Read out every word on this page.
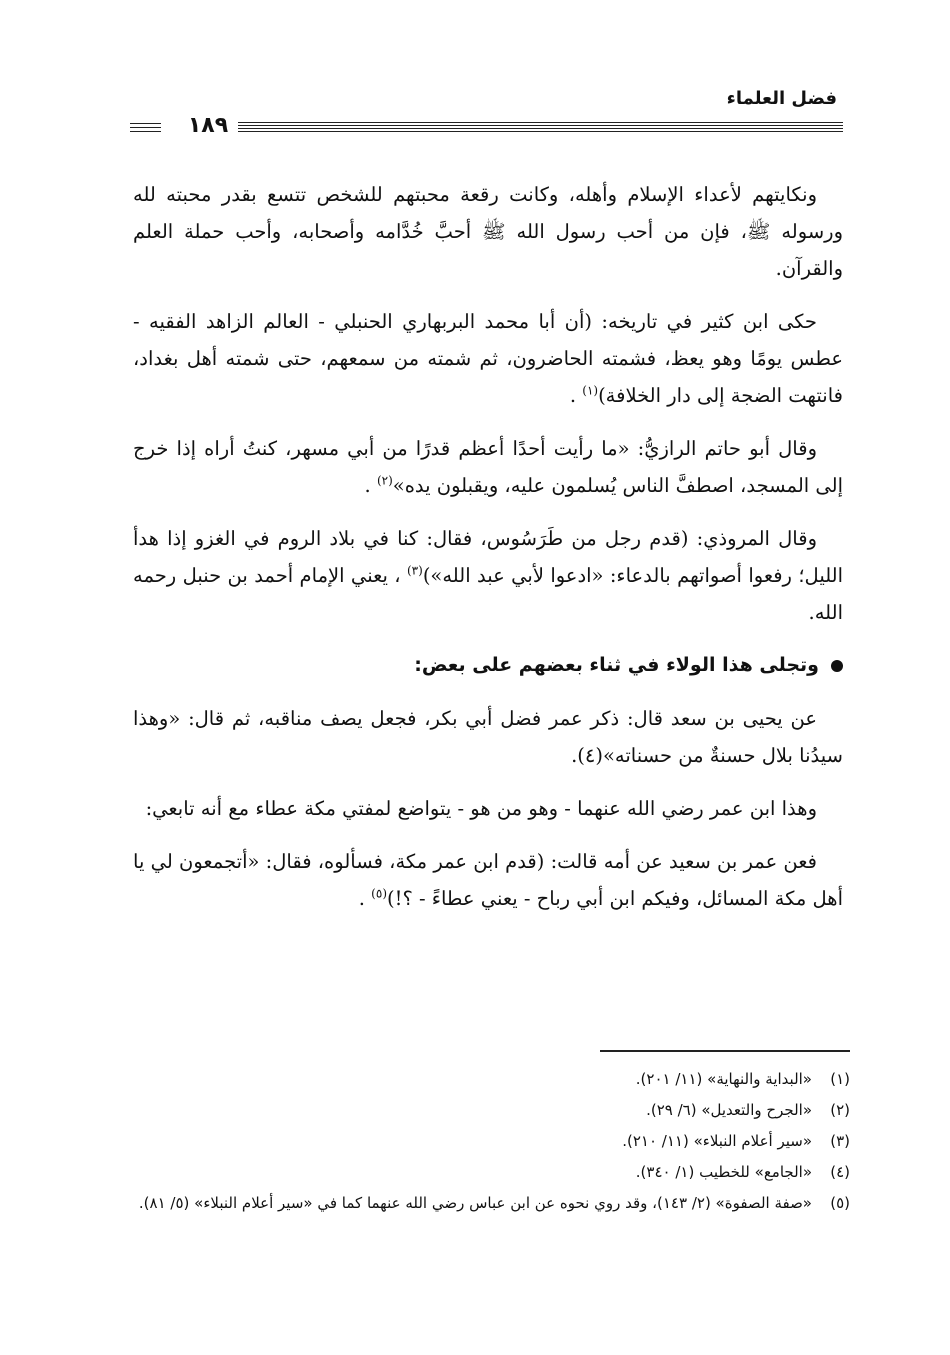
فضل العلماء
١٨٩

ونكايتهم لأعداء الإسلام وأهله، وكانت رقعة محبتهم للشخص تتسع بقدر محبته لله ورسوله ﷺ، فإن من أحب رسول الله ﷺ أحبَّ خُدَّامه وأصحابه، وأحب حملة العلم والقرآن.

حكى ابن كثير في تاريخه: (أن أبا محمد البربهاري الحنبلي - العالم الزاهد الفقيه - عطس يومًا وهو يعظ، فشمته الحاضرون، ثم شمته من سمعهم، حتى شمته أهل بغداد، فانتهت الضجة إلى دار الخلافة)$^{(١)}$ .

وقال أبو حاتم الرازيُّ: «ما رأيت أحدًا أعظم قدرًا من أبي مسهر، كنتُ أراه إذا خرج إلى المسجد، اصطفَّ الناس يُسلمون عليه، ويقبلون يده»$^{(٢)}$ .

وقال المروذي: (قدم رجل من طَرَسُوس، فقال: كنا في بلاد الروم في الغزو إذا هدأ الليل؛ رفعوا أصواتهم بالدعاء: «ادعوا لأبي عبد الله»)$^{(٣)}$ ، يعني الإمام أحمد بن حنبل رحمه الله.

وتجلى هذا الولاء في ثناء بعضهم على بعض:

عن يحيى بن سعد قال: ذكر عمر فضل أبي بكر، فجعل يصف مناقبه، ثم قال: «وهذا سيدُنا بلال حسنةٌ من حسناته»(٤).

وهذا ابن عمر رضي الله عنهما - وهو من هو - يتواضع لمفتي مكة عطاء مع أنه تابعي:

فعن عمر بن سعيد عن أمه قالت: (قدم ابن عمر مكة، فسألوه، فقال: «أتجمعون لي يا أهل مكة المسائل، وفيكم ابن أبي رباح - يعني عطاءً - ؟!)$^{(٥)}$ .

(١)
«البداية والنهاية» (١١/ ٢٠١).
(٢)
«الجرح والتعديل» (٦/ ٢٩).
(٣)
«سير أعلام النبلاء» (١١/ ٢١٠).
(٤)
«الجامع» للخطيب (١/ ٣٤٠).
(٥)
«صفة الصفوة» (٢/ ١٤٣)، وقد روي نحوه عن ابن عباس رضي الله عنهما كما في «سير أعلام النبلاء» (٥/ ٨١).
